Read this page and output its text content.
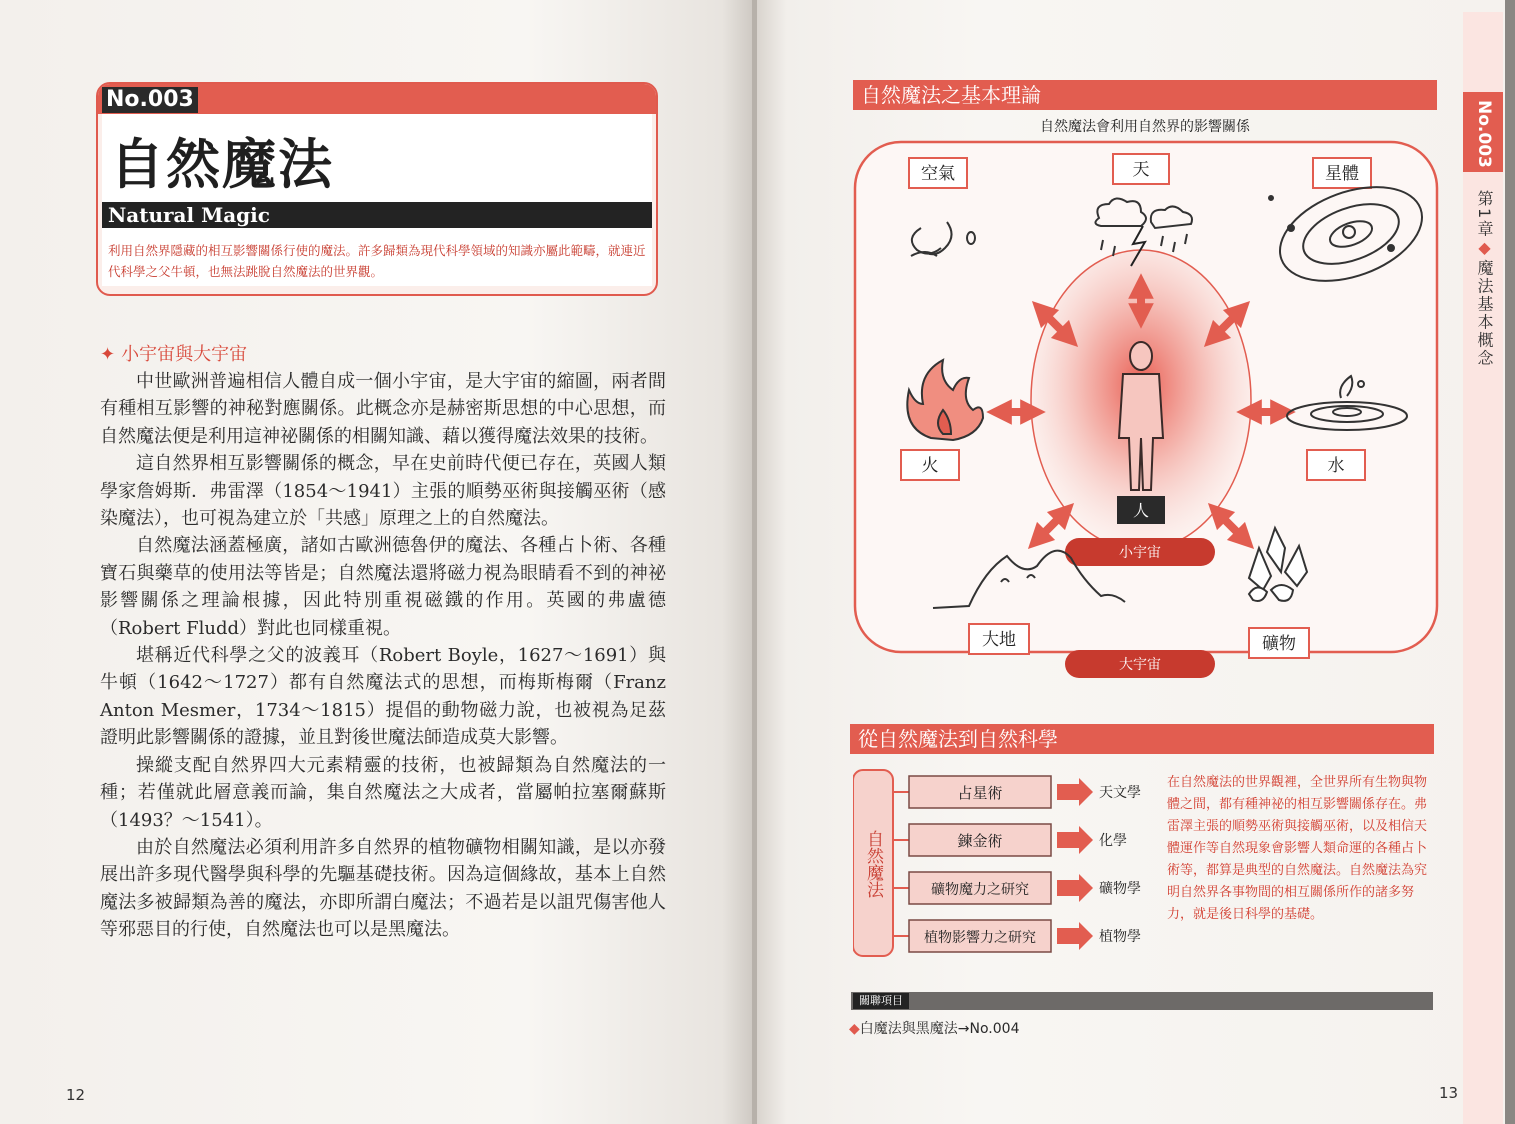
No.003
自然魔法
Natural Magic
利用自然界隱藏的相互影響關係行使的魔法。許多歸類為現代科學領域的知識亦屬此範疇，就連近代科學之父牛頓，也無法跳脫自然魔法的世界觀。
✦ 小宇宙與大宇宙

中世歐洲普遍相信人體自成一個小宇宙，是大宇宙的縮圖，兩者間有種相互影響的神秘對應關係。此概念亦是赫密斯思想的中心思想，而自然魔法便是利用這神祕關係的相關知識、藉以獲得魔法效果的技術。

這自然界相互影響關係的概念，早在史前時代便已存在，英國人類學家詹姆斯．弗雷澤（1854〜1941）主張的順勢巫術與接觸巫術（感染魔法），也可視為建立於「共感」原理之上的自然魔法。

自然魔法涵蓋極廣，諸如古歐洲德魯伊的魔法、各種占卜術、各種寶石與藥草的使用法等皆是；自然魔法還將磁力視為眼睛看不到的神祕影響關係之理論根據，因此特別重視磁鐵的作用。英國的弗盧德（Robert Fludd）對此也同樣重視。

堪稱近代科學之父的波義耳（Robert Boyle，1627〜1691）與牛頓（1642〜1727）都有自然魔法式的思想，而梅斯梅爾（Franz Anton Mesmer，1734〜1815）提倡的動物磁力說，也被視為足茲證明此影響關係的證據，並且對後世魔法師造成莫大影響。

操縱支配自然界四大元素精靈的技術，也被歸類為自然魔法的一種；若僅就此層意義而論，集自然魔法之大成者，當屬帕拉塞爾蘇斯（1493？〜1541）。

由於自然魔法必須利用許多自然界的植物礦物相關知識，是以亦發展出許多現代醫學與科學的先驅基礎技術。因為這個緣故，基本上自然魔法多被歸類為善的魔法，亦即所謂白魔法；不過若是以詛咒傷害他人等邪惡目的行使，自然魔法也可以是黑魔法。

12
No.003
第1章◆魔法基本概念
自然魔法之基本理論
自然魔法會利用自然界的影響關係
人
小宇宙
大宇宙
空氣	天	星體
火	水
大地	礦物
從自然魔法到自然科學
自然魔法
占星術	天文學
鍊金術	化學
礦物魔力之研究	礦物學
植物影響力之研究	植物學
在自然魔法的世界觀裡，全世界所有生物與物體之間，都有種神祕的相互影響關係存在。弗雷澤主張的順勢巫術與接觸巫術，以及相信天體運作等自然現象會影響人類命運的各種占卜術等，都算是典型的自然魔法。自然魔法為究明自然界各事物間的相互關係所作的諸多努力，就是後日科學的基礎。
關聯項目
◆白魔法與黑魔法→No.004
13
